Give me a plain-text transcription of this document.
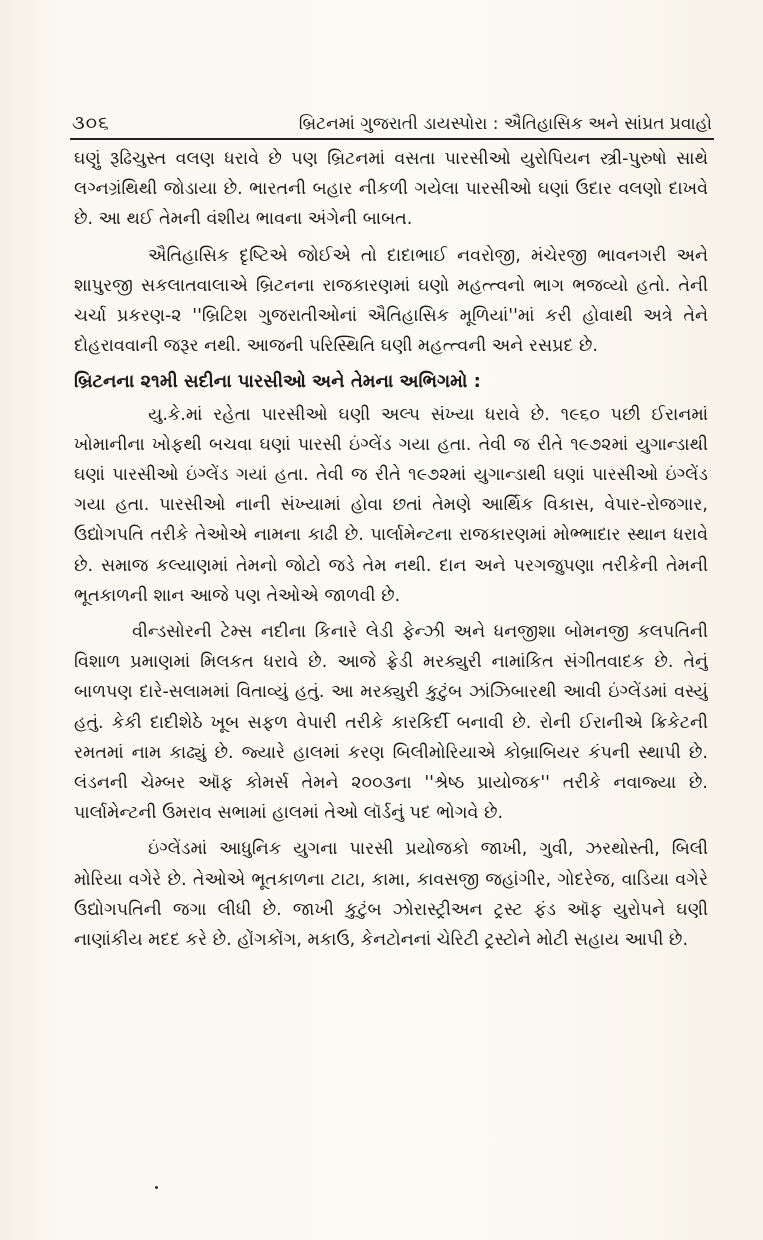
૩૦૬	બ્રિટનમાં ગુજરાતી ડાયસ્પોરા : ઐતિહાસિક અને સાંપ્રત પ્રવાહો

ઘણું રૂઢિચુસ્ત વલણ ધરાવે છે પણ બ્રિટનમાં વસતા પારસીઓ યુરોપિયન સ્ત્રી-પુરુષો સાથે લગ્નગ્રંથિથી જોડાયા છે. ભારતની બહાર નીકળી ગયેલા પારસીઓ ઘણાં ઉદાર વલણો દાખવે છે. આ થઈ તેમની વંશીય ભાવના અંગેની બાબત.

ઐતિહાસિક દૃષ્ટિએ જોઈએ તો દાદાભાઈ નવરોજી, મંચેરજી ભાવનગરી અને શાપુરજી સકલાતવાલાએ બ્રિટનના રાજકારણમાં ઘણો મહત્ત્વનો ભાગ ભજવ્યો હતો. તેની ચર્ચા પ્રકરણ-૨ ''બ્રિટિશ ગુજરાતીઓનાં ઐતિહાસિક મૂળિયાં''માં કરી હોવાથી અત્રે તેને દોહરાવવાની જરૂર નથી. આજની પરિસ્થિતિ ઘણી મહત્ત્વની અને રસપ્રદ છે.

બ્રિટનના ૨૧મી સદીના પારસીઓ અને તેમના અભિગમો :

યુ.કે.માં રહેતા પારસીઓ ઘણી અલ્પ સંખ્યા ધરાવે છે. ૧૯૬૦ પછી ઈરાનમાં ખોમાનીના ખોફથી બચવા ઘણાં પારસી ઇંગ્લેંડ ગયા હતા. તેવી જ રીતે ૧૯૭૨માં યુગાન્ડાથી ઘણાં પારસીઓ ઇંગ્લેંડ ગયાં હતા. તેવી જ રીતે ૧૯૭૨માં યુગાન્ડાથી ઘણાં પારસીઓ ઇંગ્લેંડ ગયા હતા. પારસીઓ નાની સંખ્યામાં હોવા છતાં તેમણે આર્થિક વિકાસ, વેપાર-રોજગાર, ઉદ્યોગપતિ તરીકે તેઓએ નામના કાઢી છે. પાર્લામેન્ટના રાજકારણમાં મોભ્ભાદાર સ્થાન ધરાવે છે. સમાજ કલ્યાણમાં તેમનો જોટો જડે તેમ નથી. દાન અને પરગજુપણા તરીકેની તેમની ભૂતકાળની શાન આજે પણ તેઓએ જાળવી છે.

વીન્ડસોરની ટેમ્સ નદીના કિનારે લેડી ફેન્ઝી અને ધનજીશા બોમનજી કલપતિની વિશાળ પ્રમાણમાં મિલકત ધરાવે છે. આજે ફ્રેડી મરક્યુરી નામાંકિત સંગીતવાદક છે. તેનું બાળપણ દારે-સલામમાં વિતાવ્યું હતું. આ મરક્યુરી કુટુંબ ઝાંઝિબારથી આવી ઇંગ્લેંડમાં વસ્યું હતું. કેકી દાદીશેઠે ખૂબ સફળ વેપારી તરીકે કારકિર્દી બનાવી છે. રોની ઈરાનીએ ક્રિકેટની રમતમાં નામ કાઢ્યું છે. જ્યારે હાલમાં કરણ બિલીમોરિયાએ કોબ્રાબિયર કંપની સ્થાપી છે. લંડનની ચેમ્બર ઑફ કોમર્સ તેમને ૨૦૦૩ના ''શ્રેષ્ઠ પ્રાયોજક'' તરીકે નવાજ્યા છે. પાર્લામેન્ટની ઉમરાવ સભામાં હાલમાં તેઓ લૉર્ડનું પદ ભોગવે છે.

ઇંગ્લેંડમાં આધુનિક યુગના પારસી પ્રયોજકો જાખી, ગુવી, ઝરથોસ્તી, બિલી મોરિયા વગેરે છે. તેઓએ ભૂતકાળના ટાટા, કામા, કાવસજી જહાંગીર, ગોદરેજ, વાડિયા વગેરે ઉદ્યોગપતિની જગા લીધી છે. જાખી કુટુંબ ઝોરાસ્ટ્રીઅન ટ્રસ્ટ ફંડ ઑફ યુરોપને ઘણી નાણાંકીય મદદ કરે છે. હોંગકોંગ, મકાઉ, કેનટોનનાં ચેરિટી ટ્રસ્ટોને મોટી સહાય આપી છે.
